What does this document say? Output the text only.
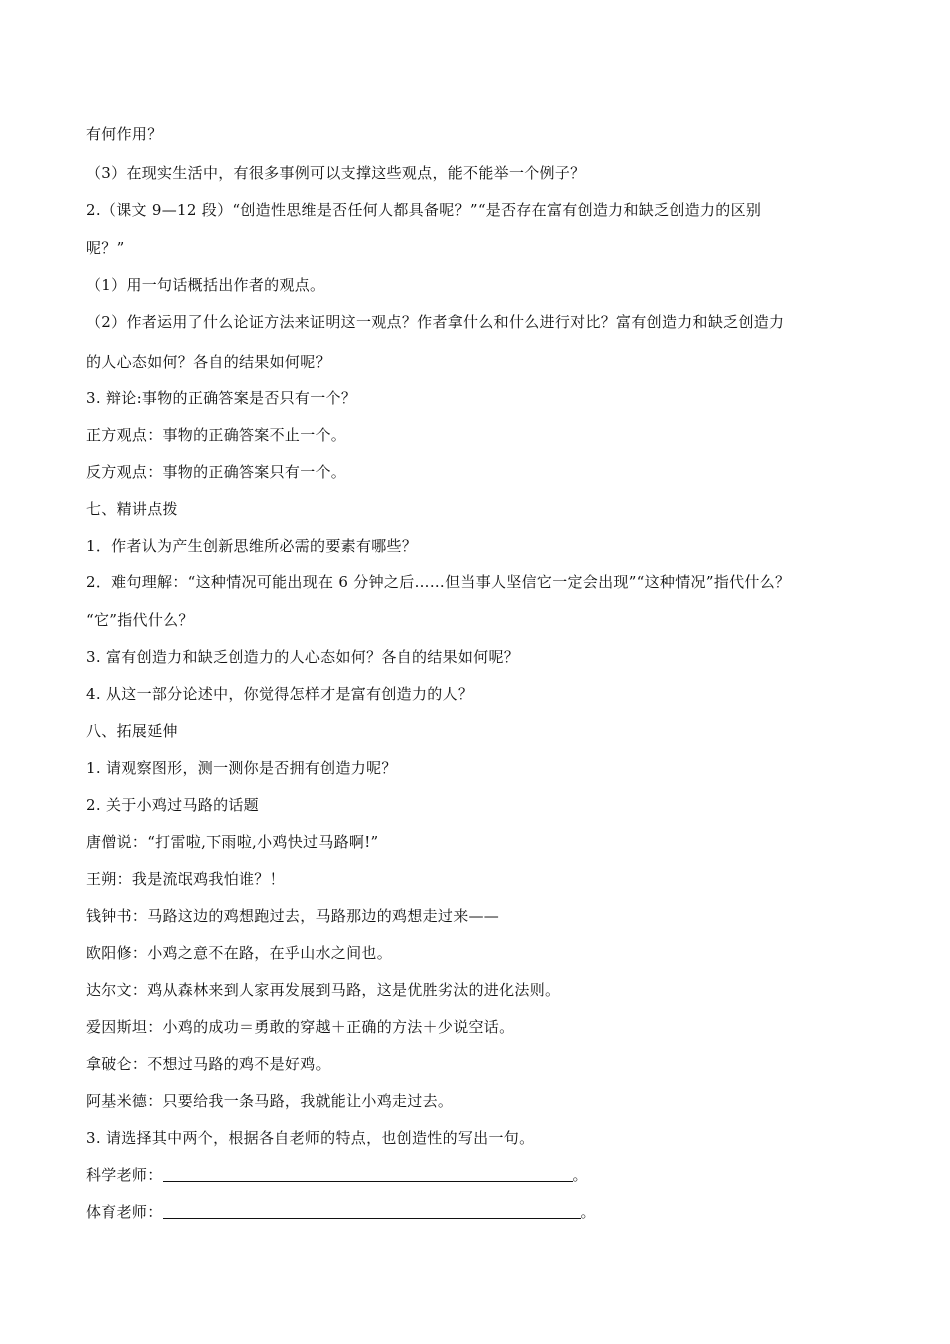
有何作用？
（3）在现实生活中，有很多事例可以支撑这些观点，能不能举一个例子？
2.（课文 9—12 段）“创造性思维是否任何人都具备呢？”“是否存在富有创造力和缺乏创造力的区别
呢？”
（1）用一句话概括出作者的观点。
（2）作者运用了什么论证方法来证明这一观点？作者拿什么和什么进行对比？富有创造力和缺乏创造力
的人心态如何？各自的结果如何呢？
3. 辩论:事物的正确答案是否只有一个？
正方观点：事物的正确答案不止一个。
反方观点：事物的正确答案只有一个。
七、精讲点拨
1．作者认为产生创新思维所必需的要素有哪些？
2．难句理解：“这种情况可能出现在 6 分钟之后……但当事人坚信它一定会出现”“这种情况”指代什么？
“它”指代什么？
3. 富有创造力和缺乏创造力的人心态如何？各自的结果如何呢？
4. 从这一部分论述中，你觉得怎样才是富有创造力的人？
八、拓展延伸
1. 请观察图形，测一测你是否拥有创造力呢？
2. 关于小鸡过马路的话题
唐僧说：“打雷啦,下雨啦,小鸡快过马路啊!”
王朔：我是流氓鸡我怕谁？！
钱钟书：马路这边的鸡想跑过去，马路那边的鸡想走过来——
欧阳修：小鸡之意不在路，在乎山水之间也。
达尔文：鸡从森林来到人家再发展到马路，这是优胜劣汰的进化法则。
爱因斯坦：小鸡的成功＝勇敢的穿越＋正确的方法＋少说空话。
拿破仑：不想过马路的鸡不是好鸡。
阿基米德：只要给我一条马路，我就能让小鸡走过去。
3. 请选择其中两个，根据各自老师的特点，也创造性的写出一句。
科学老师：	。
体育老师：	。
